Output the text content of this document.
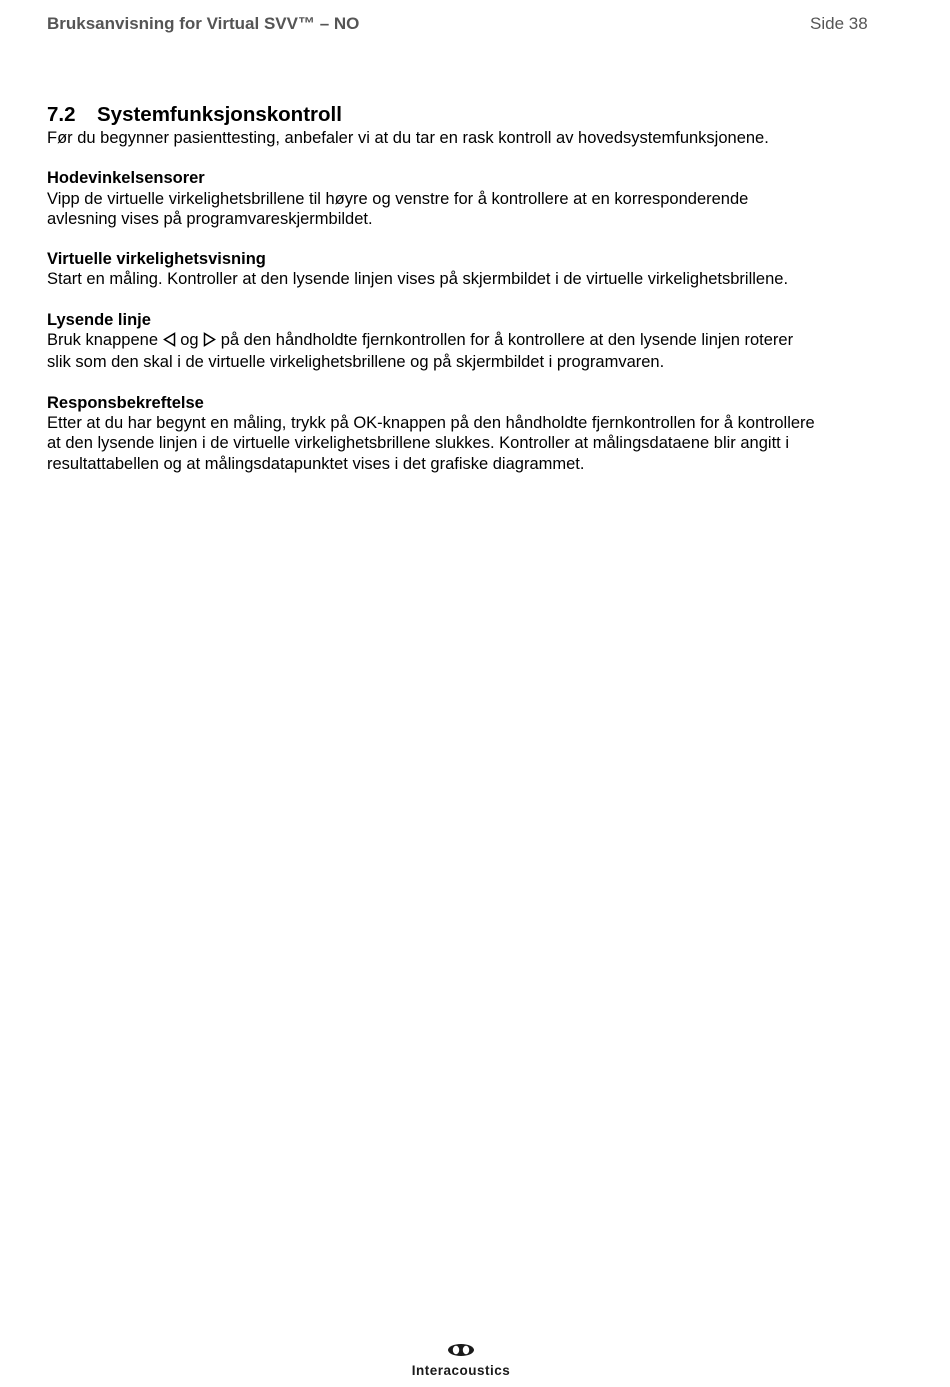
Bruksanvisning for Virtual SVV™ – NO	Side 38
7.2 Systemfunksjonskontroll

Før du begynner pasienttesting, anbefaler vi at du tar en rask kontroll av hovedsystemfunksjonene.

Hodevinkelsensorer

Vipp de virtuelle virkelighetsbrillene til høyre og venstre for å kontrollere at en korresponderende

avlesning vises på programvareskjermbildet.

Virtuelle virkelighetsvisning

Start en måling. Kontroller at den lysende linjen vises på skjermbildet i de virtuelle virkelighetsbrillene.

Lysende linje

Bruk knappene og på den håndholdte fjernkontrollen for å kontrollere at den lysende linjen roterer

slik som den skal i de virtuelle virkelighetsbrillene og på skjermbildet i programvaren.

Responsbekreftelse

Etter at du har begynt en måling, trykk på OK-knappen på den håndholdte fjernkontrollen for å kontrollere

at den lysende linjen i de virtuelle virkelighetsbrillene slukkes. Kontroller at målingsdataene blir angitt i

resultattabellen og at målingsdatapunktet vises i det grafiske diagrammet.

Interacoustics
